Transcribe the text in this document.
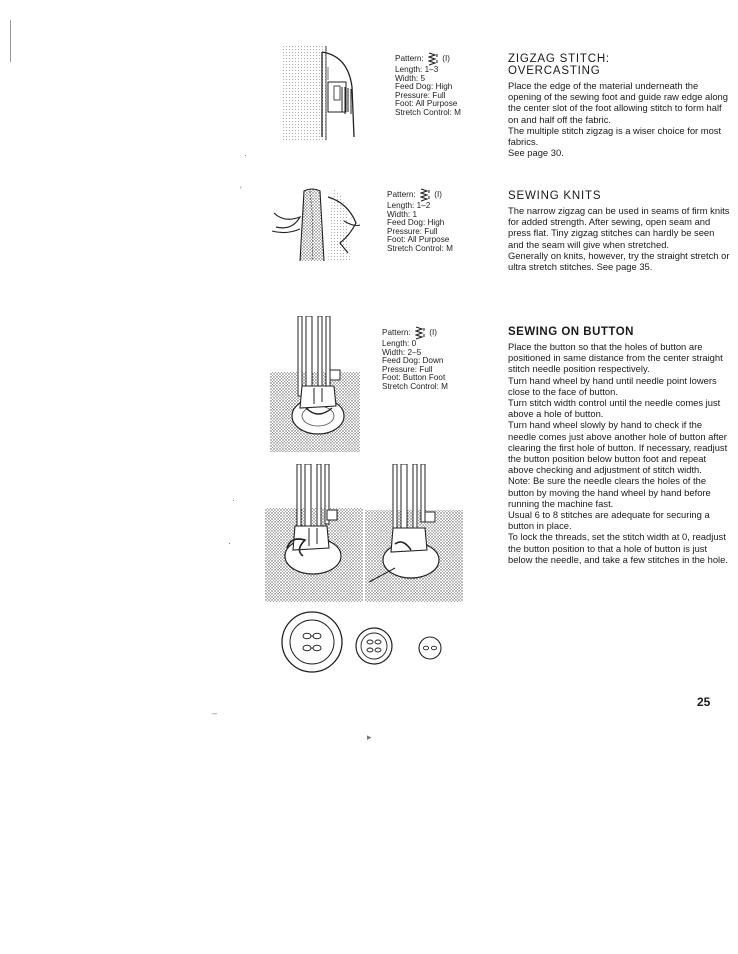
·
'
·
·
–
▸
Pattern: (I)
Length: 1–3
Width: 5
Feed Dog: High
Pressure: Full
Foot: All Purpose
Stretch Control: M
Pattern: (I)
Length: 1–2
Width: 1
Feed Dog: High
Pressure: Full
Foot: All Purpose
Stretch Control: M
Pattern: (I)
Length: 0
Width: 2–5
Feed Dog: Down
Pressure: Full
Foot: Button Foot
Stretch Control: M
ZIGZAG STITCH: OVERCASTING

Place the edge of the material underneath the opening of the sewing foot and guide raw edge along the center slot of the foot allowing stitch to form half on and half off the fabric.

The multiple stitch zigzag is a wiser choice for most fabrics.

See page 30.

SEWING KNITS

The narrow zigzag can be used in seams of firm knits for added strength. After sewing, open seam and press flat. Tiny zigzag stitches can hardly be seen and the seam will give when stretched.

Generally on knits, however, try the straight stretch or ultra stretch stitches. See page 35.

SEWING ON BUTTON

Place the button so that the holes of button are positioned in same distance from the center straight stitch needle position respectively.

Turn hand wheel by hand until needle point lowers close to the face of button.

Turn stitch width control until the needle comes just above a hole of button.

Turn hand wheel slowly by hand to check if the needle comes just above another hole of button after clearing the first hole of button. If necessary, readjust the button position below button foot and repeat above checking and adjustment of stitch width.

Note: Be sure the needle clears the holes of the button by moving the hand wheel by hand before running the machine fast.

Usual 6 to 8 stitches are adequate for securing a button in place.

To lock the threads, set the stitch width at 0, readjust the button position to that a hole of button is just below the needle, and take a few stitches in the hole.

25
